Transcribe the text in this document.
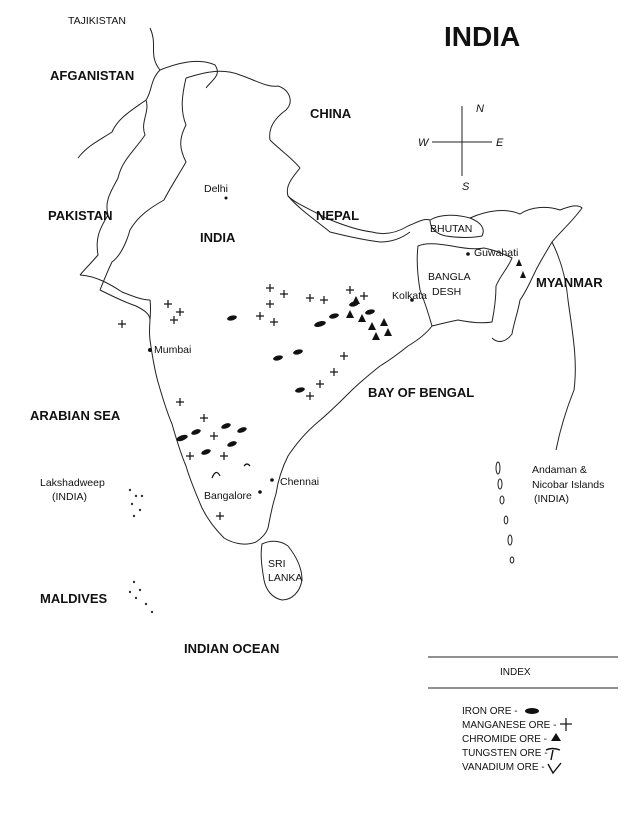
N
S
E
W
INDIA
TAJIKISTAN
AFGANISTAN
CHINA
PAKISTAN
INDIA
NEPAL
BHUTAN
BANGLA
DESH
MYANMAR
SRI
LANKA
MALDIVES
Delhi
Guwahati
Kolkata
Mumbai
Chennai
Bangalore
Lakshadweep
(INDIA)
Andaman &
Nicobar Islands
(INDIA)
ARABIAN SEA
BAY OF BENGAL
INDIAN OCEAN
INDEX
IRON ORE -
MANGANESE ORE -
CHROMIDE ORE -
TUNGSTEN ORE -
VANADIUM ORE -
